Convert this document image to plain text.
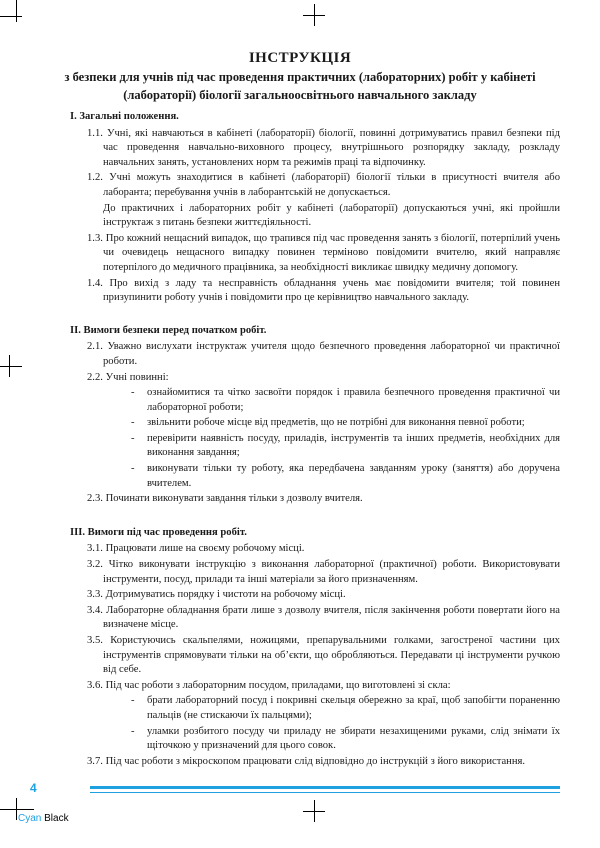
ІНСТРУКЦІЯ
з безпеки для учнів під час проведення практичних (лабораторних) робіт у кабінеті (лабораторії) біології загальноосвітнього навчального закладу
І. Загальні положення.
1.1. Учні, які навчаються в кабінеті (лабораторії) біології, повинні дотримуватись правил безпеки під час проведення навчально-виховного процесу, внутрішнього розпорядку закладу, розкладу навчальних занять, установлених норм та режимів праці та відпочинку.
1.2. Учні можуть знаходитися в кабінеті (лабораторії) біології тільки в присутності вчителя або лаборанта; перебування учнів в лаборантській не допускається.
До практичних і лабораторних робіт у кабінеті (лабораторії) допускаються учні, які пройшли інструктаж з питань безпеки життєдіяльності.
1.3. Про кожний нещасний випадок, що трапився під час проведення занять з біології, потерпілий учень чи очевидець нещасного випадку повинен терміново повідомити вчителю, який направляє потерпілого до медичного працівника, за необхідності викликає швидку медичну допомогу.
1.4. Про вихід з ладу та несправність обладнання учень має повідомити вчителя; той повинен призупинити роботу учнів і повідомити про це керівництво навчального закладу.
ІІ. Вимоги безпеки перед початком робіт.
2.1. Уважно вислухати інструктаж учителя щодо безпечного проведення лабораторної чи практичної роботи.
2.2. Учні повинні:
- ознайомитися та чітко засвоїти порядок і правила безпечного проведення практичної чи лабораторної роботи;
- звільнити робоче місце від предметів, що не потрібні для виконання певної роботи;
- перевірити наявність посуду, приладів, інструментів та інших предметів, необхідних для виконання завдання;
- виконувати тільки ту роботу, яка передбачена завданням уроку (заняття) або доручена вчителем.
2.3. Починати виконувати завдання тільки з дозволу вчителя.
ІІІ. Вимоги під час проведення робіт.
3.1. Працювати лише на своєму робочому місці.
3.2. Чітко виконувати інструкцію з виконання лабораторної (практичної) роботи. Використовувати інструменти, посуд, прилади та інші матеріали за його призначенням.
3.3. Дотримуватись порядку і чистоти на робочому місці.
3.4. Лабораторне обладнання брати лише з дозволу вчителя, після закінчення роботи повертати його на визначене місце.
3.5. Користуючись скальпелями, ножицями, препарувальними голками, загостреної частини цих інструментів спрямовувати тільки на об’єкти, що обробляються. Передавати ці інструменти ручкою від себе.
3.6. Під час роботи з лабораторним посудом, приладами, що виготовлені зі скла:
- брати лабораторний посуд і покривні скельця обережно за краї, щоб запобігти пораненню пальців (не стискаючи їх пальцями);
- уламки розбитого посуду чи приладу не збирати незахищеними руками, слід знімати їх щіточкою у призначений для цього совок.
3.7. Під час роботи з мікроскопом працювати слід відповідно до інструкцій з його використання.
4
Cyan Black
